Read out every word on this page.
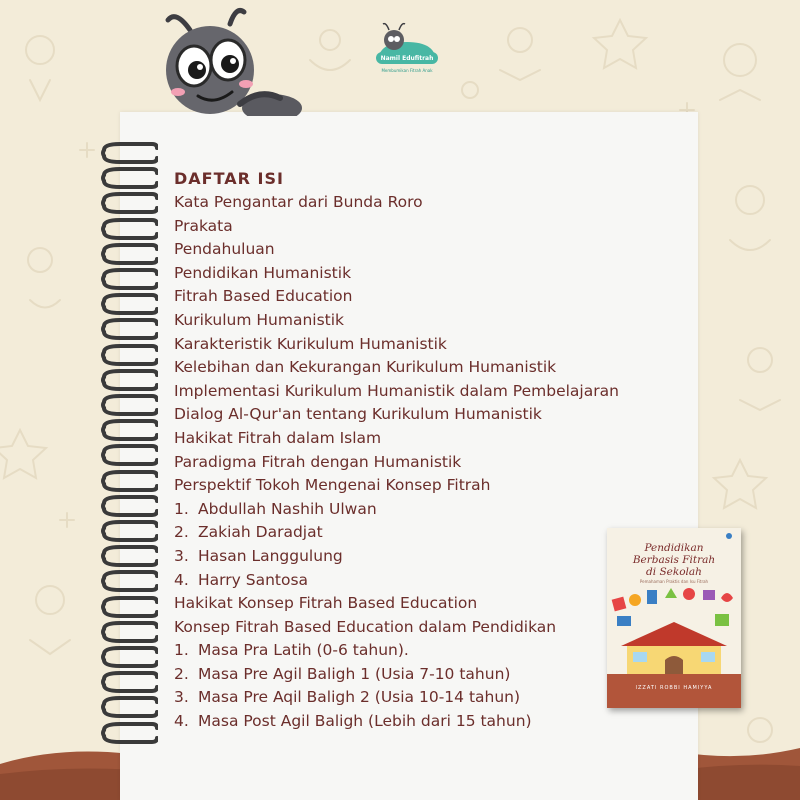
Namil Edufitrah
Membumikan Fitrah Anak
DAFTAR ISI
Kata Pengantar dari Bunda Roro
Prakata
Pendahuluan
Pendidikan Humanistik
Fitrah Based Education
Kurikulum Humanistik
Karakteristik Kurikulum Humanistik
Kelebihan dan Kekurangan Kurikulum Humanistik
Implementasi Kurikulum Humanistik dalam Pembelajaran
Dialog Al-Qur'an tentang Kurikulum Humanistik
Hakikat Fitrah dalam Islam
Paradigma Fitrah dengan Humanistik
Perspektif Tokoh Mengenai Konsep Fitrah
1. Abdullah Nashih Ulwan
2. Zakiah Daradjat
3. Hasan Langgulung
4. Harry Santosa
Hakikat Konsep Fitrah Based Education
Konsep Fitrah Based Education dalam Pendidikan
1. Masa Pra Latih (0-6 tahun).
2. Masa Pre Agil Baligh 1 (Usia 7-10 tahun)
3. Masa Pre Aqil Baligh 2 (Usia 10-14 tahun)
4. Masa Post Agil Baligh (Lebih dari 15 tahun)
Pendidikan
Berbasis Fitrah
di Sekolah
Pemahaman Praktis dan Isu Fitrah
IZZATI ROBBI HAMIYYA
